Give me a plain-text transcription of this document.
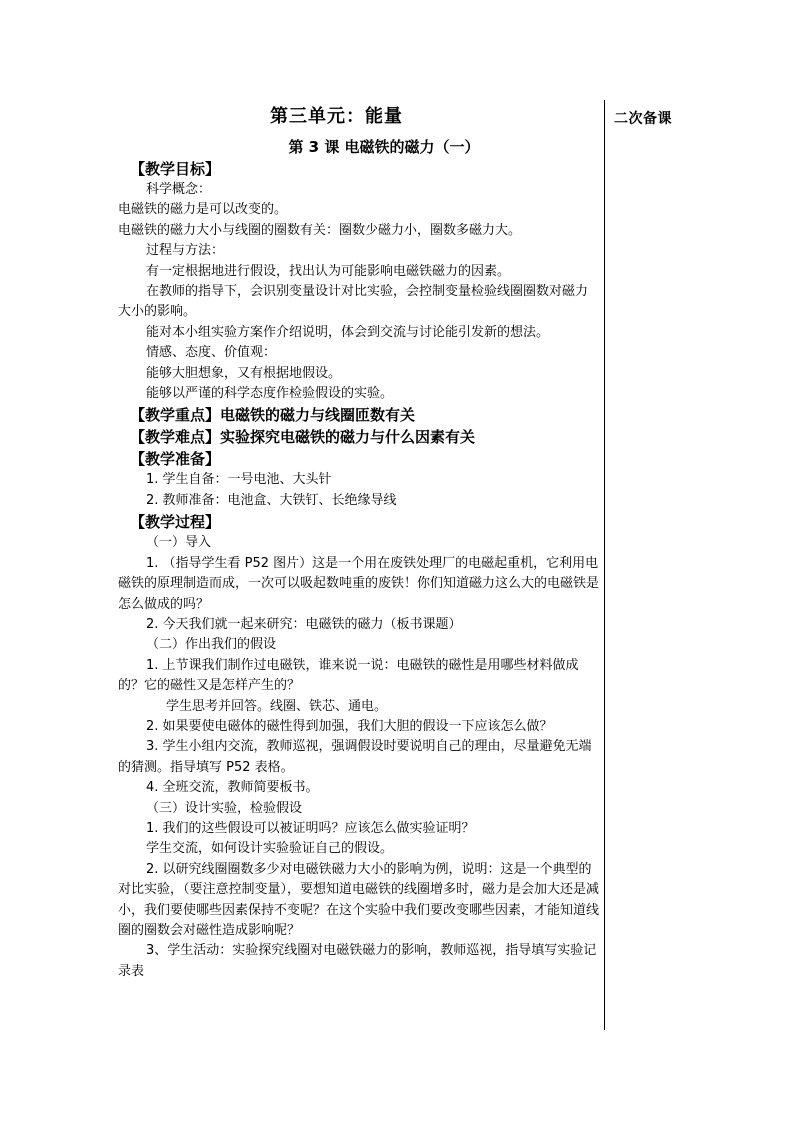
二次备课
第三单元：能量
第 3 课 电磁铁的磁力（一）
【教学目标】
科学概念：
电磁铁的磁力是可以改变的。
电磁铁的磁力大小与线圈的圈数有关：圈数少磁力小，圈数多磁力大。
过程与方法：
有一定根据地进行假设，找出认为可能影响电磁铁磁力的因素。
在教师的指导下，会识别变量设计对比实验，会控制变量检验线圈圈数对磁力大小的影响。
能对本小组实验方案作介绍说明，体会到交流与讨论能引发新的想法。
情感、态度、价值观：
能够大胆想象，又有根据地假设。
能够以严谨的科学态度作检验假设的实验。
【教学重点】电磁铁的磁力与线圈匝数有关
【教学难点】实验探究电磁铁的磁力与什么因素有关
【教学准备】
1. 学生自备：一号电池、大头针
2. 教师准备：电池盒、大铁钉、长绝缘导线
【教学过程】
（一）导入
1. （指导学生看 P52 图片）这是一个用在废铁处理厂的电磁起重机，它利用电磁铁的原理制造而成，一次可以吸起数吨重的废铁！你们知道磁力这么大的电磁铁是怎么做成的吗？
2. 今天我们就一起来研究：电磁铁的磁力（板书课题）
（二）作出我们的假设
1. 上节课我们制作过电磁铁，谁来说一说：电磁铁的磁性是用哪些材料做成的？它的磁性又是怎样产生的？
学生思考并回答。线圈、铁芯、通电。
2. 如果要使电磁体的磁性得到加强，我们大胆的假设一下应该怎么做？
3. 学生小组内交流，教师巡视，强调假设时要说明自己的理由，尽量避免无端的猜测。指导填写 P52 表格。
4. 全班交流，教师简要板书。
（三）设计实验，检验假设
1. 我们的这些假设可以被证明吗？应该怎么做实验证明？
学生交流，如何设计实验验证自己的假设。
2. 以研究线圈圈数多少对电磁铁磁力大小的影响为例，说明：这是一个典型的对比实验，（要注意控制变量），要想知道电磁铁的线圈增多时，磁力是会加大还是减小，我们要使哪些因素保持不变呢？在这个实验中我们要改变哪些因素，才能知道线圈的圈数会对磁性造成影响呢？
3、学生活动：实验探究线圈对电磁铁磁力的影响，教师巡视，指导填写实验记录表
